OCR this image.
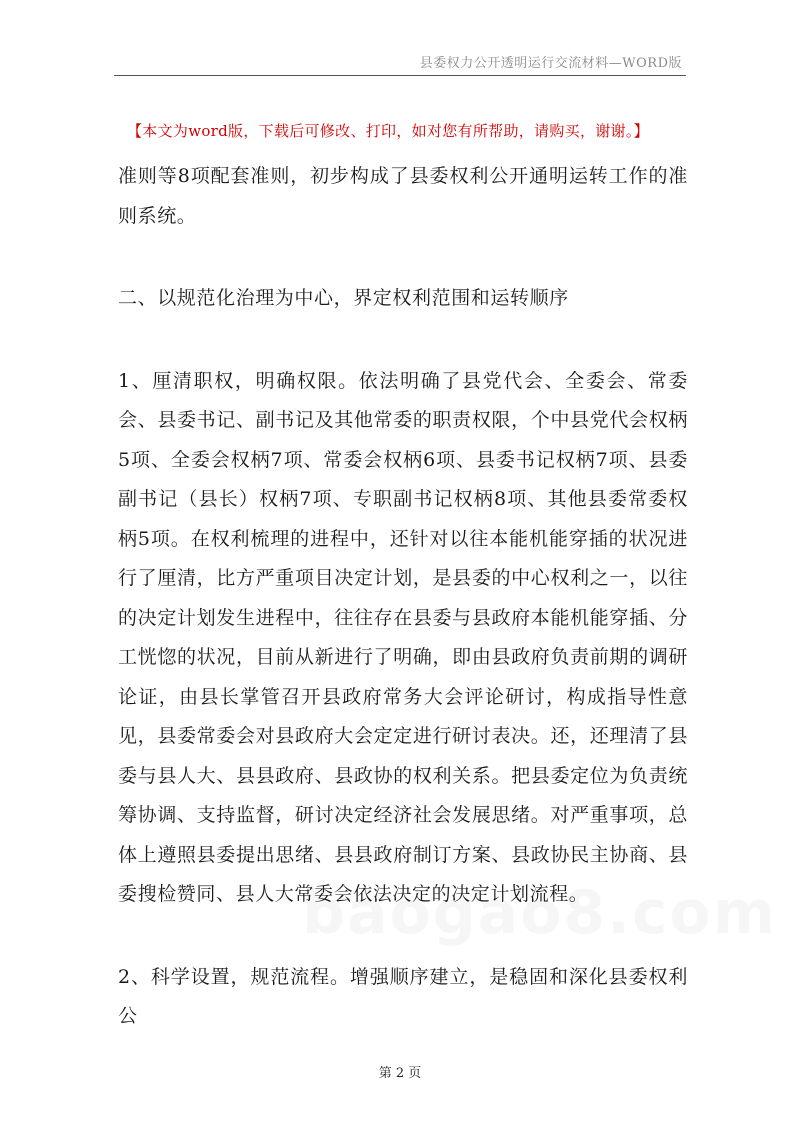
县委权力公开透明运行交流材料—WORD版
【本文为word版，下载后可修改、打印，如对您有所帮助，请购买，谢谢。】

准则等8项配套准则，初步构成了县委权利公开通明运转工作的准则系统。

二、以规范化治理为中心，界定权利范围和运转顺序

1、厘清职权，明确权限。依法明确了县党代会、全委会、常委会、县委书记、副书记及其他常委的职责权限，个中县党代会权柄5项、全委会权柄7项、常委会权柄6项、县委书记权柄7项、县委副书记（县长）权柄7项、专职副书记权柄8项、其他县委常委权柄5项。在权利梳理的进程中，还针对以往本能机能穿插的状况进行了厘清，比方严重项目决定计划，是县委的中心权利之一，以往的决定计划发生进程中，往往存在县委与县政府本能机能穿插、分工恍惚的状况，目前从新进行了明确，即由县政府负责前期的调研论证，由县长掌管召开县政府常务大会评论研讨，构成指导性意见，县委常委会对县政府大会定定进行研讨表决。还，还理清了县委与县人大、县县政府、县政协的权利关系。把县委定位为负责统筹协调、支持监督，研讨决定经济社会发展思绪。对严重事项，总体上遵照县委提出思绪、县县政府制订方案、县政协民主协商、县委搜检赞同、县人大常委会依法决定的决定计划流程。

2、科学设置，规范流程。增强顺序建立，是稳固和深化县委权利公

第 2 页
